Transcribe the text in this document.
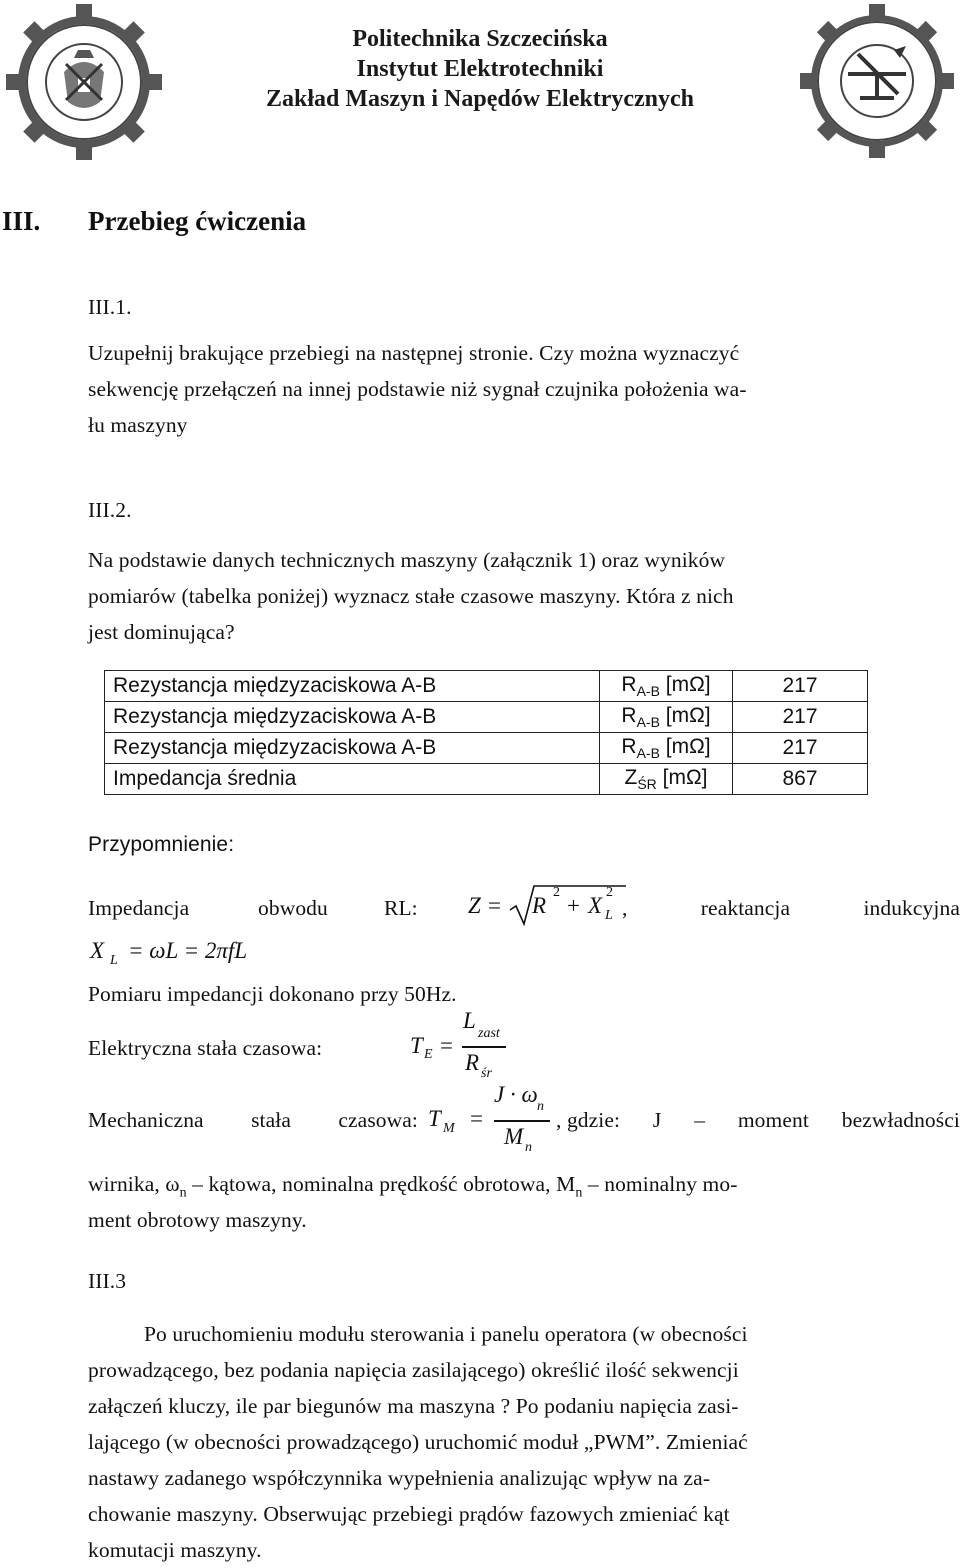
Politechnika Szczecińska
Instytut Elektrotechniki
Zakład Maszyn i Napędów Elektrycznych
III. Przebieg ćwiczenia
III.1.
Uzupełnij brakujące przebiegi na następnej stronie. Czy można wyznaczyć
sekwencję przełączeń na innej podstawie niż sygnał czujnika położenia wa-
łu maszyny
III.2.
Na podstawie danych technicznych maszyny (załącznik 1) oraz wyników
pomiarów (tabelka poniżej) wyznacz stałe czasowe maszyny. Która z nich
jest dominująca?
Rezystancja międzyzaciskowa A-B	$R_{A-B}$ [mΩ]	217
Rezystancja międzyzaciskowa A-B	$R_{A-B}$ [mΩ]	217
Rezystancja międzyzaciskowa A-B	$R_{A-B}$ [mΩ]	217
Impedancja średnia	$Z_{ŚR}$ [mΩ]	867
Przypomnienie:
Impedancja	obwodu	RL: Z = R
2
+ X
2
L ,	reaktancja	indukcyjna
X L = ωL = 2πfL
Pomiaru impedancji dokonano przy 50Hz.
Elektryczna stała czasowa:	T E =
L
zast
R śr
Mechaniczna stała czasowa: T M =
J · ω n
M n
, gdzie: J – moment bezwładności
wirnika, $\omega_n$ – kątowa, nominalna prędkość obrotowa, $M_n$ – nominalny mo-
ment obrotowy maszyny.
III.3
Po uruchomieniu modułu sterowania i panelu operatora (w obecności
prowadzącego, bez podania napięcia zasilającego) określić ilość sekwencji
załączeń kluczy, ile par biegunów ma maszyna ? Po podaniu napięcia zasi-
lającego (w obecności prowadzącego) uruchomić moduł „PWM”. Zmieniać
nastawy zadanego współczynnika wypełnienia analizując wpływ na za-
chowanie maszyny. Obserwując przebiegi prądów fazowych zmieniać kąt
komutacji maszyny.
